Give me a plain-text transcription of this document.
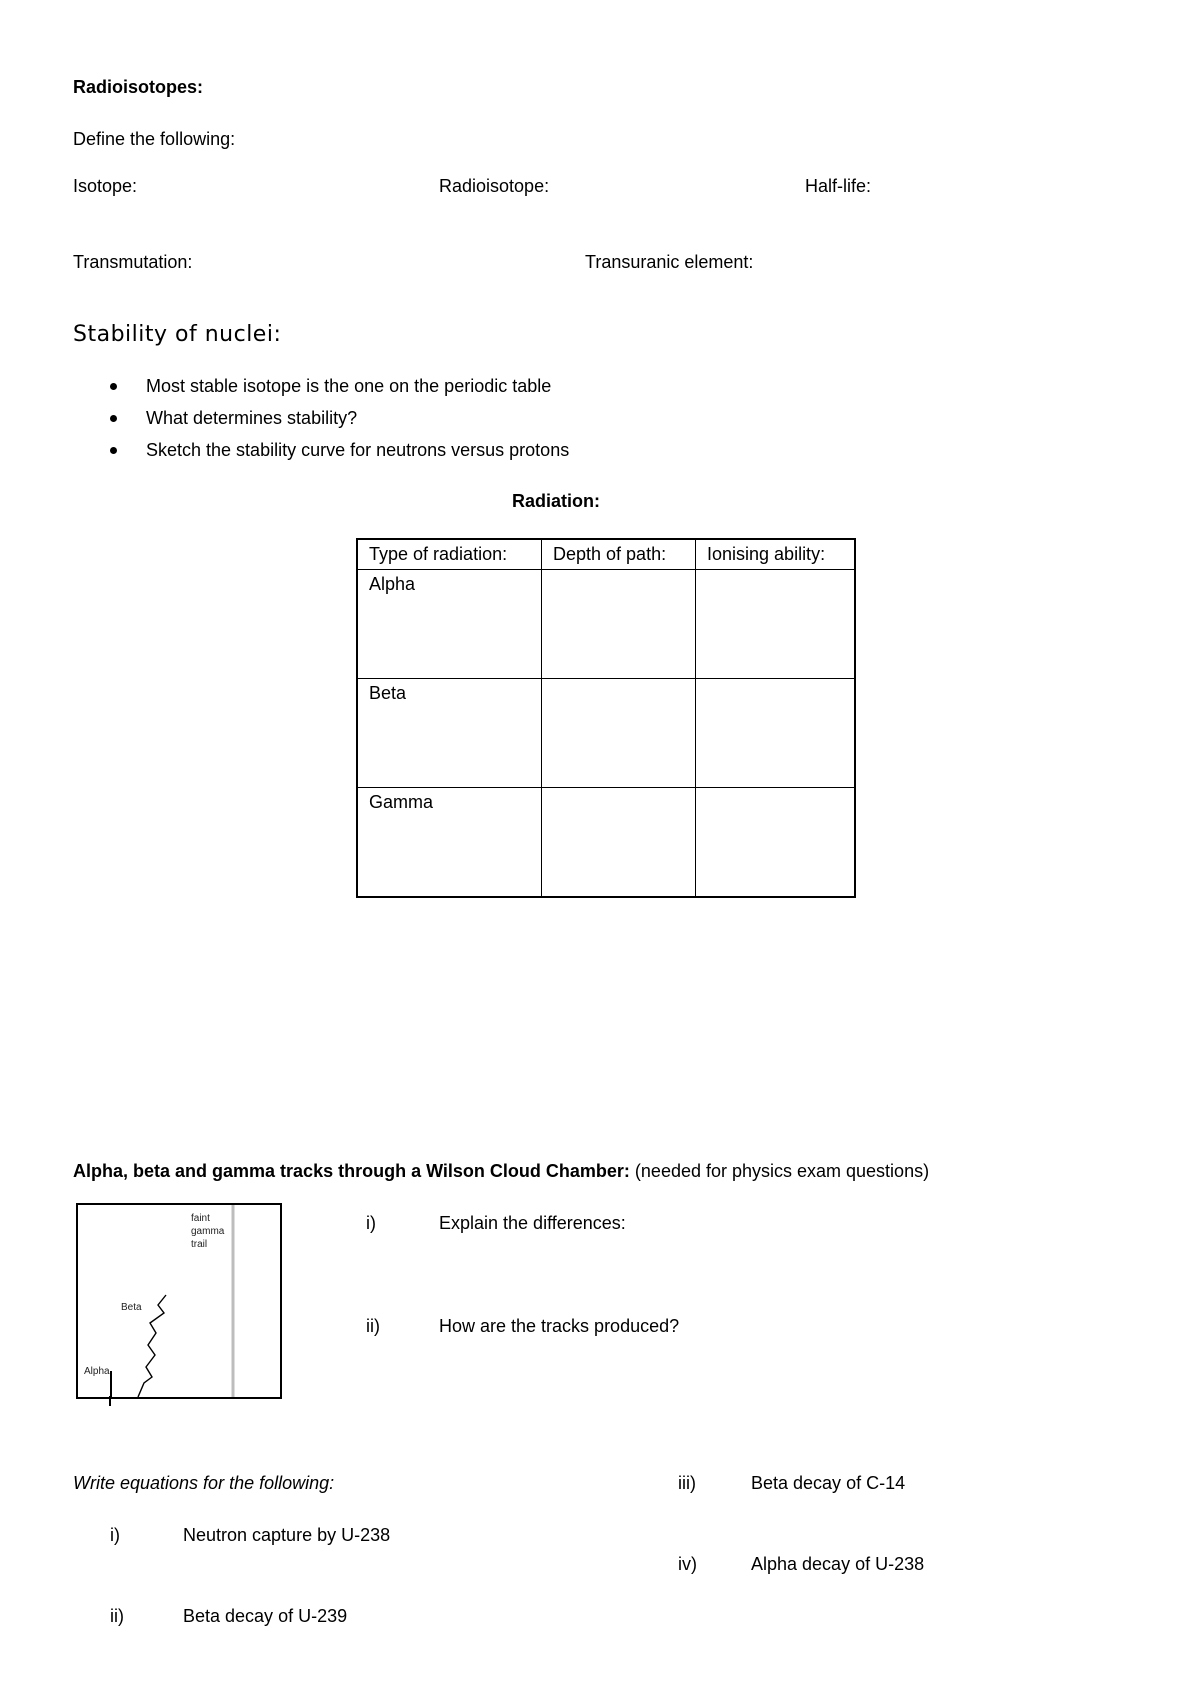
Radioisotopes:
Define the following:
Isotope:	Radioisotope:	Half-life:
Transmutation:	Transuranic element:
Stability of nuclei:
Most stable isotope is the one on the periodic table
What determines stability?
Sketch the stability curve for neutrons versus protons
Radiation:
Type of radiation:	Depth of path:	Ionising ability:
Alpha		
Beta		
Gamma		
Alpha, beta and gamma tracks through a Wilson Cloud Chamber: (needed for physics exam questions)
faint
gamma
trail
Beta
Alpha
i)	Explain the differences:
ii)	How are the tracks produced?
Write equations for the following:
i)	Neutron capture by U-238
ii)	Beta decay of U-239
iii)	Beta decay of C-14
iv)	Alpha decay of U-238
